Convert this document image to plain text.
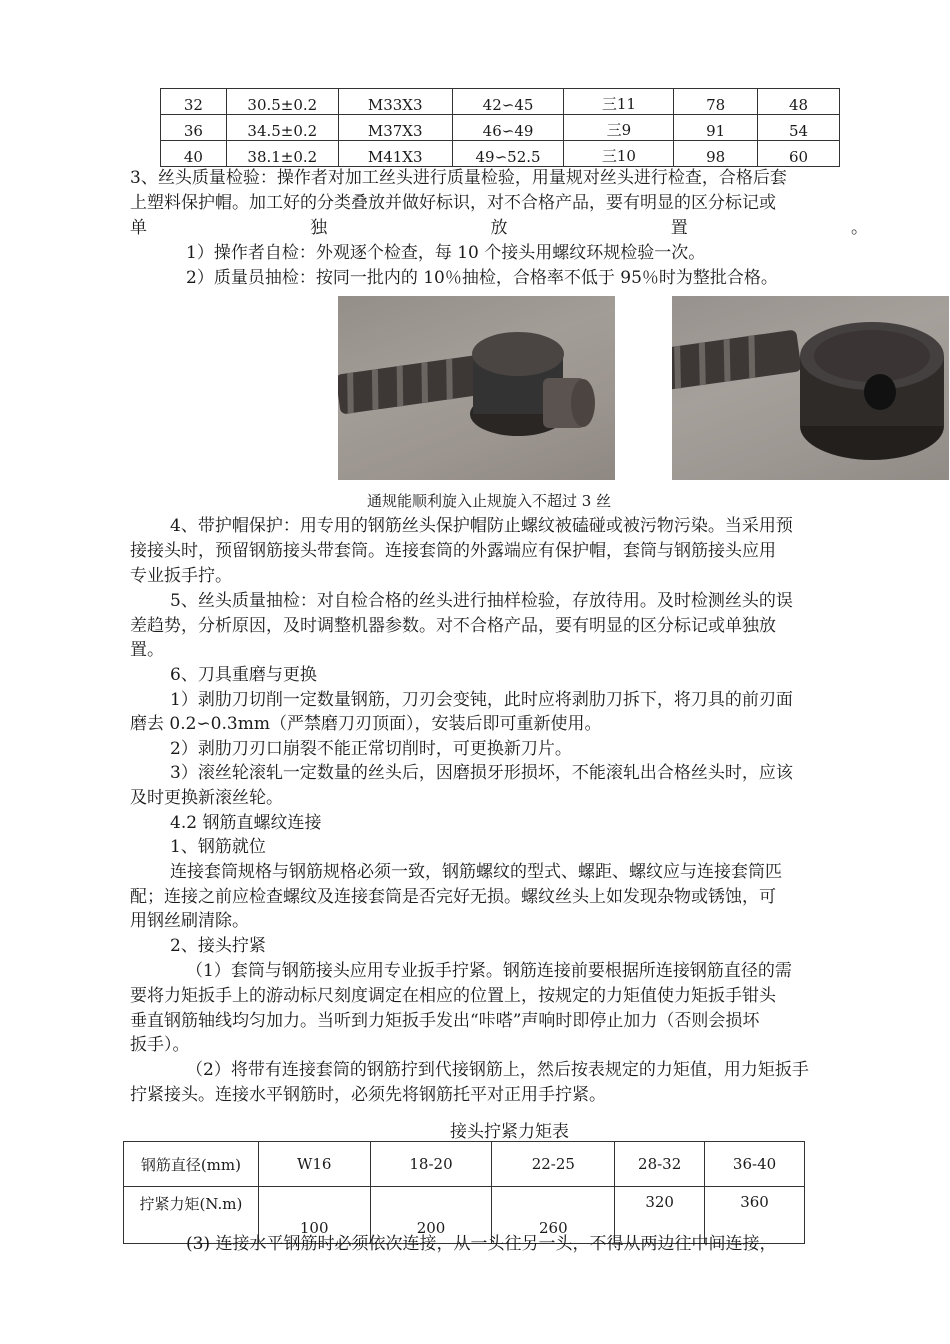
32	30.5±0.2	M33X3	42∽45	三11	78	48
36	34.5±0.2	M37X3	46∽49	三9	91	54
40	38.1±0.2	M41X3	49∽52.5	三10	98	60
3、丝头质量检验：操作者对加工丝头进行质量检验，用量规对丝头进行检查，合格后套
上塑料保护帽。加工好的分类叠放并做好标识，对不合格产品，要有明显的区分标记或
单	独	放	置	。
1）操作者自检：外观逐个检查，每 10 个接头用螺纹环规检验一次。
2）质量员抽检：按同一批内的 10％抽检，合格率不低于 95％时为整批合格。
通规能顺利旋入止规旋入不超过 3 丝
4、带护帽保护：用专用的钢筋丝头保护帽防止螺纹被磕碰或被污物污染。当采用预
接接头时，预留钢筋接头带套筒。连接套筒的外露端应有保护帽，套筒与钢筋接头应用
专业扳手拧。
5、丝头质量抽检：对自检合格的丝头进行抽样检验，存放待用。及时检测丝头的误
差趋势，分析原因，及时调整机器参数。对不合格产品，要有明显的区分标记或单独放
置。
6、刀具重磨与更换
1）剥肋刀切削一定数量钢筋，刀刃会变钝，此时应将剥肋刀拆下，将刀具的前刃面
磨去 0.2∽0.3mm（严禁磨刀刃顶面），安装后即可重新使用。
2）剥肋刀刃口崩裂不能正常切削时，可更换新刀片。
3）滚丝轮滚轧一定数量的丝头后，因磨损牙形损坏，不能滚轧出合格丝头时，应该
及时更换新滚丝轮。
4.2 钢筋直螺纹连接
1、钢筋就位
连接套筒规格与钢筋规格必须一致，钢筋螺纹的型式、螺距、螺纹应与连接套筒匹
配；连接之前应检查螺纹及连接套筒是否完好无损。螺纹丝头上如发现杂物或锈蚀，可
用钢丝刷清除。
2、接头拧紧
（1）套筒与钢筋接头应用专业扳手拧紧。钢筋连接前要根据所连接钢筋直径的需
要将力矩扳手上的游动标尺刻度调定在相应的位置上，按规定的力矩值使力矩扳手钳头
垂直钢筋轴线均匀加力。当听到力矩扳手发出“咔嗒”声响时即停止加力（否则会损坏
扳手）。
（2）将带有连接套筒的钢筋拧到代接钢筋上，然后按表规定的力矩值，用力矩扳手
拧紧接头。连接水平钢筋时，必须先将钢筋托平对正用手拧紧。
接头拧紧力矩表
钢筋直径(mm)	W16	18-20	22-25	28-32	36-40
拧紧力矩(N.m)	100	200	260	320	360
(3) 连接水平钢筋时必须依次连接，从一头往另一头，不得从两边往中间连接，
